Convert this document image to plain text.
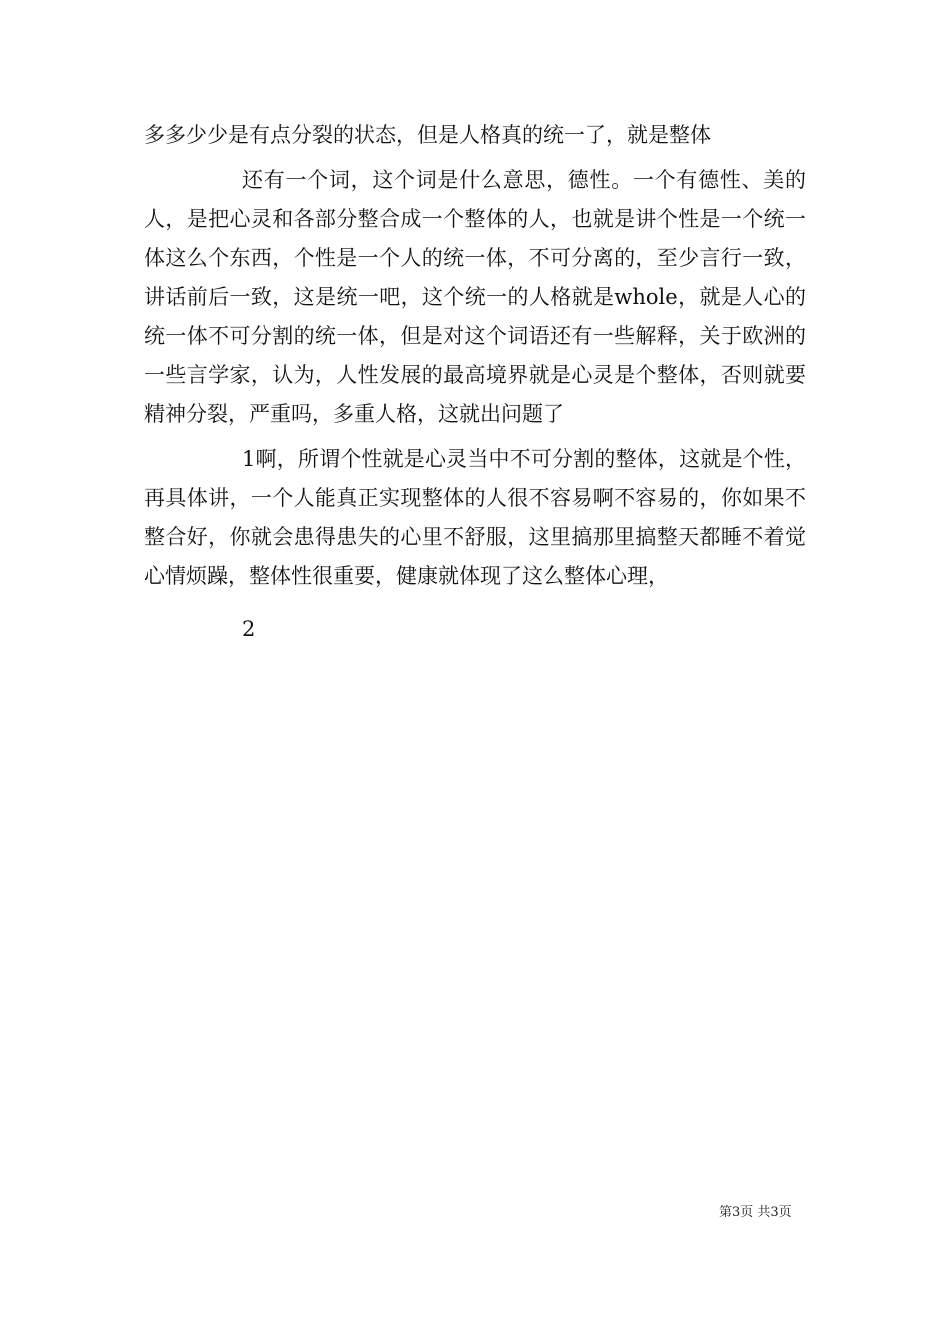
多多少少是有点分裂的状态，但是人格真的统一了，就是整体

还有一个词，这个词是什么意思，德性。一个有德性、美的人，是把心灵和各部分整合成一个整体的人，也就是讲个性是一个统一体这么个东西，个性是一个人的统一体，不可分离的，至少言行一致，讲话前后一致，这是统一吧，这个统一的人格就是whole，就是人心的统一体不可分割的统一体，但是对这个词语还有一些解释，关于欧洲的一些言学家，认为，人性发展的最高境界就是心灵是个整体，否则就要精神分裂，严重吗，多重人格，这就出问题了

1啊，所谓个性就是心灵当中不可分割的整体，这就是个性，再具体讲，一个人能真正实现整体的人很不容易啊不容易的，你如果不整合好，你就会患得患失的心里不舒服，这里搞那里搞整天都睡不着觉心情烦躁，整体性很重要，健康就体现了这么整体心理，

2

第3页 共3页
